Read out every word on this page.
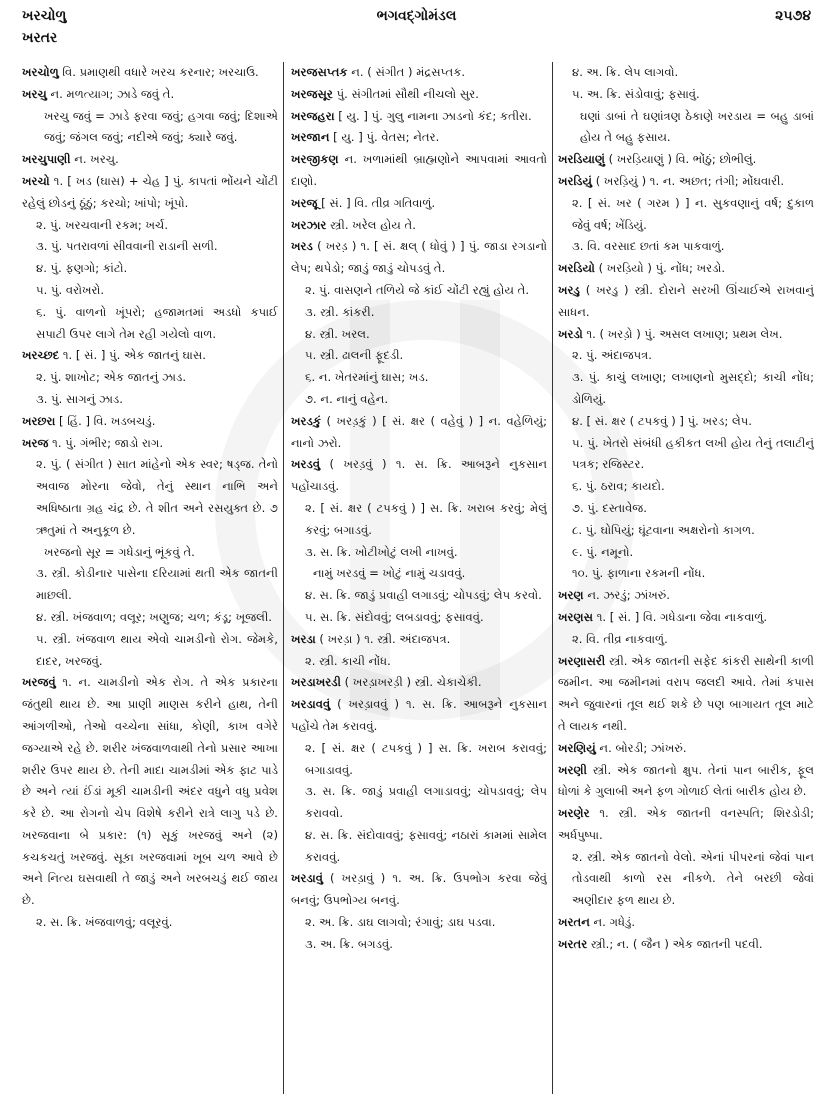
ખરચોળુ
ખરતર
ભગવદ્ગોમંડલ	૨૫૭૪
ખરચોળુ વિ. પ્રમાણથી વધારે ખરચ કરનાર; ખરચાઉ.
ખરચુ ન. મળત્યાગ; ઝાડે જવું તે.
ખરચુ જવું = ઝાડે ફરવા જવું; હગવા જવું; દિશાએ જવું; જંગલ જવું; નદીએ જવું; ક્યારે જવું.
ખરચુપાણી ન. ખરચુ.
ખરચો ૧. [ ખડ (ઘાસ) + ચેહ ] પું. કાપતાં ભોંયને ચોંટી રહેલું છોડનું ઠૂંઠું; કરચો; ખાંપો; ખૂંપો.
૨. પું. ખરચવાની રકમ; ખર્ચ.
૩. પું. પતરાવળાં સીવવાની રાડાની સળી.
૪. પું. ફણગો; કાંટો.
૫. પું. વરોખરો.
૬. પું. વાળનો ખૂંપરો; હજામતમાં અડધો કપાઈ સપાટી ઉપર લાગે તેમ રહી ગયેલો વાળ.
ખરચ્છદ ૧. [ સં. ] પું. એક જાતનું ઘાસ.
૨. પું. શાખોટ; એક જાતનું ઝાડ.
૩. પું. સાગનું ઝાડ.
ખરછરા [ હિં. ] વિ. ખડબચડું.
ખરજ ૧. પું. ગંભીર; જાડો રાગ.
૨. પું. ( સંગીત ) સાત માંહેનો એક સ્વર; ષડ્જ. તેનો અવાજ મોરના જેવો, તેનું સ્થાન નાભિ અને અધિષ્ઠાતા ગ્રહ ચંદ્ર છે. તે શીત અને રસયુક્ત છે. ૭ ઋતુમાં તે અનુકૂળ છે.
ખરજનો સૂર = ગધેડાનું ભૂંકવું તે.
૩. સ્ત્રી. કોડીનાર પાસેના દરિયામાં થતી એક જાતની માછલી.
૪. સ્ત્રી. ખંજવાળ; વલૂર; ખણુજ; ચળ; કંડૂ; ખૂજલી.
૫. સ્ત્રી. ખંજવાળ થાય એવો ચામડીનો રોગ. જેમકે, દાદર, ખરજવું.
ખરજવું ૧. ન. ચામડીનો એક રોગ. તે એક પ્રકારના જંતુથી થાય છે. આ પ્રાણી માણસ કરીને હાથ, તેની આંગળીઓ, તેઓ વચ્ચેના સાંધા, કોણી, કાખ વગેરે જગ્યાએ રહે છે. શરીર ખંજવાળવાથી તેનો પ્રસાર આખા શરીર ઉપર થાય છે. તેની માદા ચામડીમાં એક ફાટ પાડે છે અને ત્યાં ઈંડાં મૂકી ચામડીની અંદર વધુને વધુ પ્રવેશ કરે છે. આ રોગનો ચેપ વિશેષે કરીને રાત્રે લાગુ પડે છે. ખરજવાના બે પ્રકાર: (૧) સૂકું ખરજવું અને (૨) કચકચતું ખરજવું. સૂકા ખરજવામાં ખૂબ ચળ આવે છે અને નિત્ય ઘસવાથી તે જાડું અને ખરબચડું થઈ જાય છે.
૨. સ. ક્રિ. ખંજવાળવું; વલૂરવું.
ખરજસપ્તક ન. ( સંગીત ) મંદ્રસપ્તક.
ખરજસૂર પું. સંગીતમાં સૌથી નીચલો સુર.
ખરજહરા [ યુ. ] પું. ગુલુ નામના ઝાડનો કંદ; કતીરા.
ખરજાન [ યુ. ] પું. વેતસ; નેતર.
ખરજીકણ ન. ખળામાંથી બ્રાહ્મણોને આપવામાં આવતો દાણો.
ખરજૂ [ સં. ] વિ. તીવ્ર ગતિવાળું.
ખરઝાર સ્ત્રી. ખરેલ હોય તે.
ખરડ ( ખરડ઼ ) ૧. [ સં. ક્ષલ્ ( ધોવું ) ] પું. જાડા રગડાનો લેપ; થપેડો; જાડું જાડું ચોપડવું તે.
૨. પું. વાસણને તળિયે જે કાંઈ ચોંટી રહ્યું હોય તે.
૩. સ્ત્રી. કાંકરી.
૪. સ્ત્રી. ખરલ.
૫. સ્ત્રી. ઢાલની ફૂદડી.
૬. ન. ખેતરમાંનું ઘાસ; ખડ.
૭. ન. નાનું વહેન.
ખરડકું ( ખરડ઼કું ) [ સં. ક્ષર ( વહેવું ) ] ન. વહેળિયું; નાનો ઝરો.
ખરડવું ( ખરડ઼વું ) ૧. સ. ક્રિ. આબરૂને નુકસાન પહોંચાડવું.
૨. [ સં. ક્ષર ( ટપકવું ) ] સ. ક્રિ. ખરાબ કરવું; મેલું કરવું; બગાડવું.
૩. સ. ક્રિ. ખોટીખોટું લખી નાખવું.
નામું ખરડવું = ખોટું નામું ચડાવવું.
૪. સ. ક્રિ. જાડું પ્રવાહી લગાડવું; ચોપડવું; લેપ કરવો.
૫. સ. ક્રિ. સંદોવવું; લબડાવવું; ફસાવવું.
ખરડા ( ખરડ઼ા ) ૧. સ્ત્રી. અંદાજપત્ર.
૨. સ્ત્રી. કાચી નોંધ.
ખરડાખરડી ( ખરડ઼ાખરડ઼ી ) સ્ત્રી. ચેકાચેકી.
ખરડાવવું ( ખરડ઼ાવવું ) ૧. સ. ક્રિ. આબરૂને નુકસાન પહોંચે તેમ કરાવવું.
૨. [ સં. ક્ષર ( ટપકવું ) ] સ. ક્રિ. ખરાબ કરાવવું; બગાડાવવું.
૩. સ. ક્રિ. જાડું પ્રવાહી લગાડાવવું; ચોપડાવવું; લેપ કરાવવો.
૪. સ. ક્રિ. સંદોવાવવું; ફસાવવું; નઠારાં કામમાં સામેલ કરાવવું.
ખરડાવું ( ખરડ઼ાવું ) ૧. અ. ક્રિ. ઉપભોગ કરવા જેવું બનવું; ઉપભોગ્ય બનવું.
૨. અ. ક્રિ. ડાઘ લાગવો; રંગાવું; ડાઘ પડવા.
૩. અ. ક્રિ. બગડવું.
૪. અ. ક્રિ. લેપ લાગવો.
૫. અ. ક્રિ. સંડોવાવું; ફસાવું.
ઘણાં ડાબાં તે ઘણાંત્રણ ઠેકાણે ખરડાય = બહુ ડાબાં હોય તે બહુ ફસાય.
ખરડિયાણું ( ખરડ઼િયાણું ) વિ. ભોંઠું; છોભીલું.
ખરડિયું ( ખરડ઼િયું ) ૧. ન. અછત; તંગી; મોંઘવારી.
૨. [ સં. ખર ( ગરમ ) ] ન. સુકવણાનું વર્ષ; દુકાળ જેવું વર્ષ; ખેંડિયું.
૩. વિ. વરસાદ છતાં કમ પાકવાળું.
ખરડિયો ( ખરડ઼િયો ) પું. નોંધ; ખરડો.
ખરડુ ( ખરડ઼ુ ) સ્ત્રી. દોરાને સરખી ઊંચાઈએ રાખવાનું સાધન.
ખરડો ૧. ( ખરડ઼ો ) પું. અસલ લખાણ; પ્રથમ લેખ.
૨. પું. અંદાજપત્ર.
૩. પું. કાચું લખાણ; લખાણનો મુસદ્દો; કાચી નોંધ; ડોળિયું.
૪. [ સં. ક્ષર ( ટપકવું ) ] પું. ખરડ; લેપ.
૫. પું. ખેતરો સંબંધી હકીકત લખી હોય તેનું તલાટીનું પત્રક; રજિસ્ટર.
૬. પું. ઠરાવ; કાયદો.
૭. પું. દસ્તાવેજ.
૮. પું. ઘોપિયું; ઘૂંટવાના અક્ષરોનો કાગળ.
૯. પું. નમૂનો.
૧૦. પું. ફાળાના રકમની નોંધ.
ખરણ ન. ઝરડું; ઝાંખરું.
ખરણસ ૧. [ સં. ] વિ. ગધેડાના જેવા નાકવાળું.
૨. વિ. તીવ્ર નાકવાળું.
ખરણાસરી સ્ત્રી. એક જાતની સફેદ કાંકરી સાથેની કાળી જમીન. આ જમીનમાં વરાપ જલદી આવે. તેમાં કપાસ અને જુવારનાં તૂલ થઈ શકે છે પણ બાગાયત તૂલ માટે તે લાયક નથી.
ખરણિયું ન. બોરડી; ઝાંખરું.
ખરણી સ્ત્રી. એક જાતનો ક્ષુપ. તેનાં પાન બારીક, ફૂલ ધોળાં કે ગુલાબી અને ફળ ગોળાઈ લેતાં બારીક હોય છે.
ખરણેર ૧. સ્ત્રી. એક જાતની વનસ્પતિ; શિરડોડી; અર્ધપુષ્પા.
૨. સ્ત્રી. એક જાતનો વેલો. એનાં પીપરનાં જેવાં પાન તોડવાથી કાળો રસ નીકળે. તેને બરછી જેવાં અણીદાર ફળ થાય છે.
ખરતન ન. ગધેડું.
ખરતર સ્ત્રી.; ન. ( જૈન ) એક જાતની પદવી.
